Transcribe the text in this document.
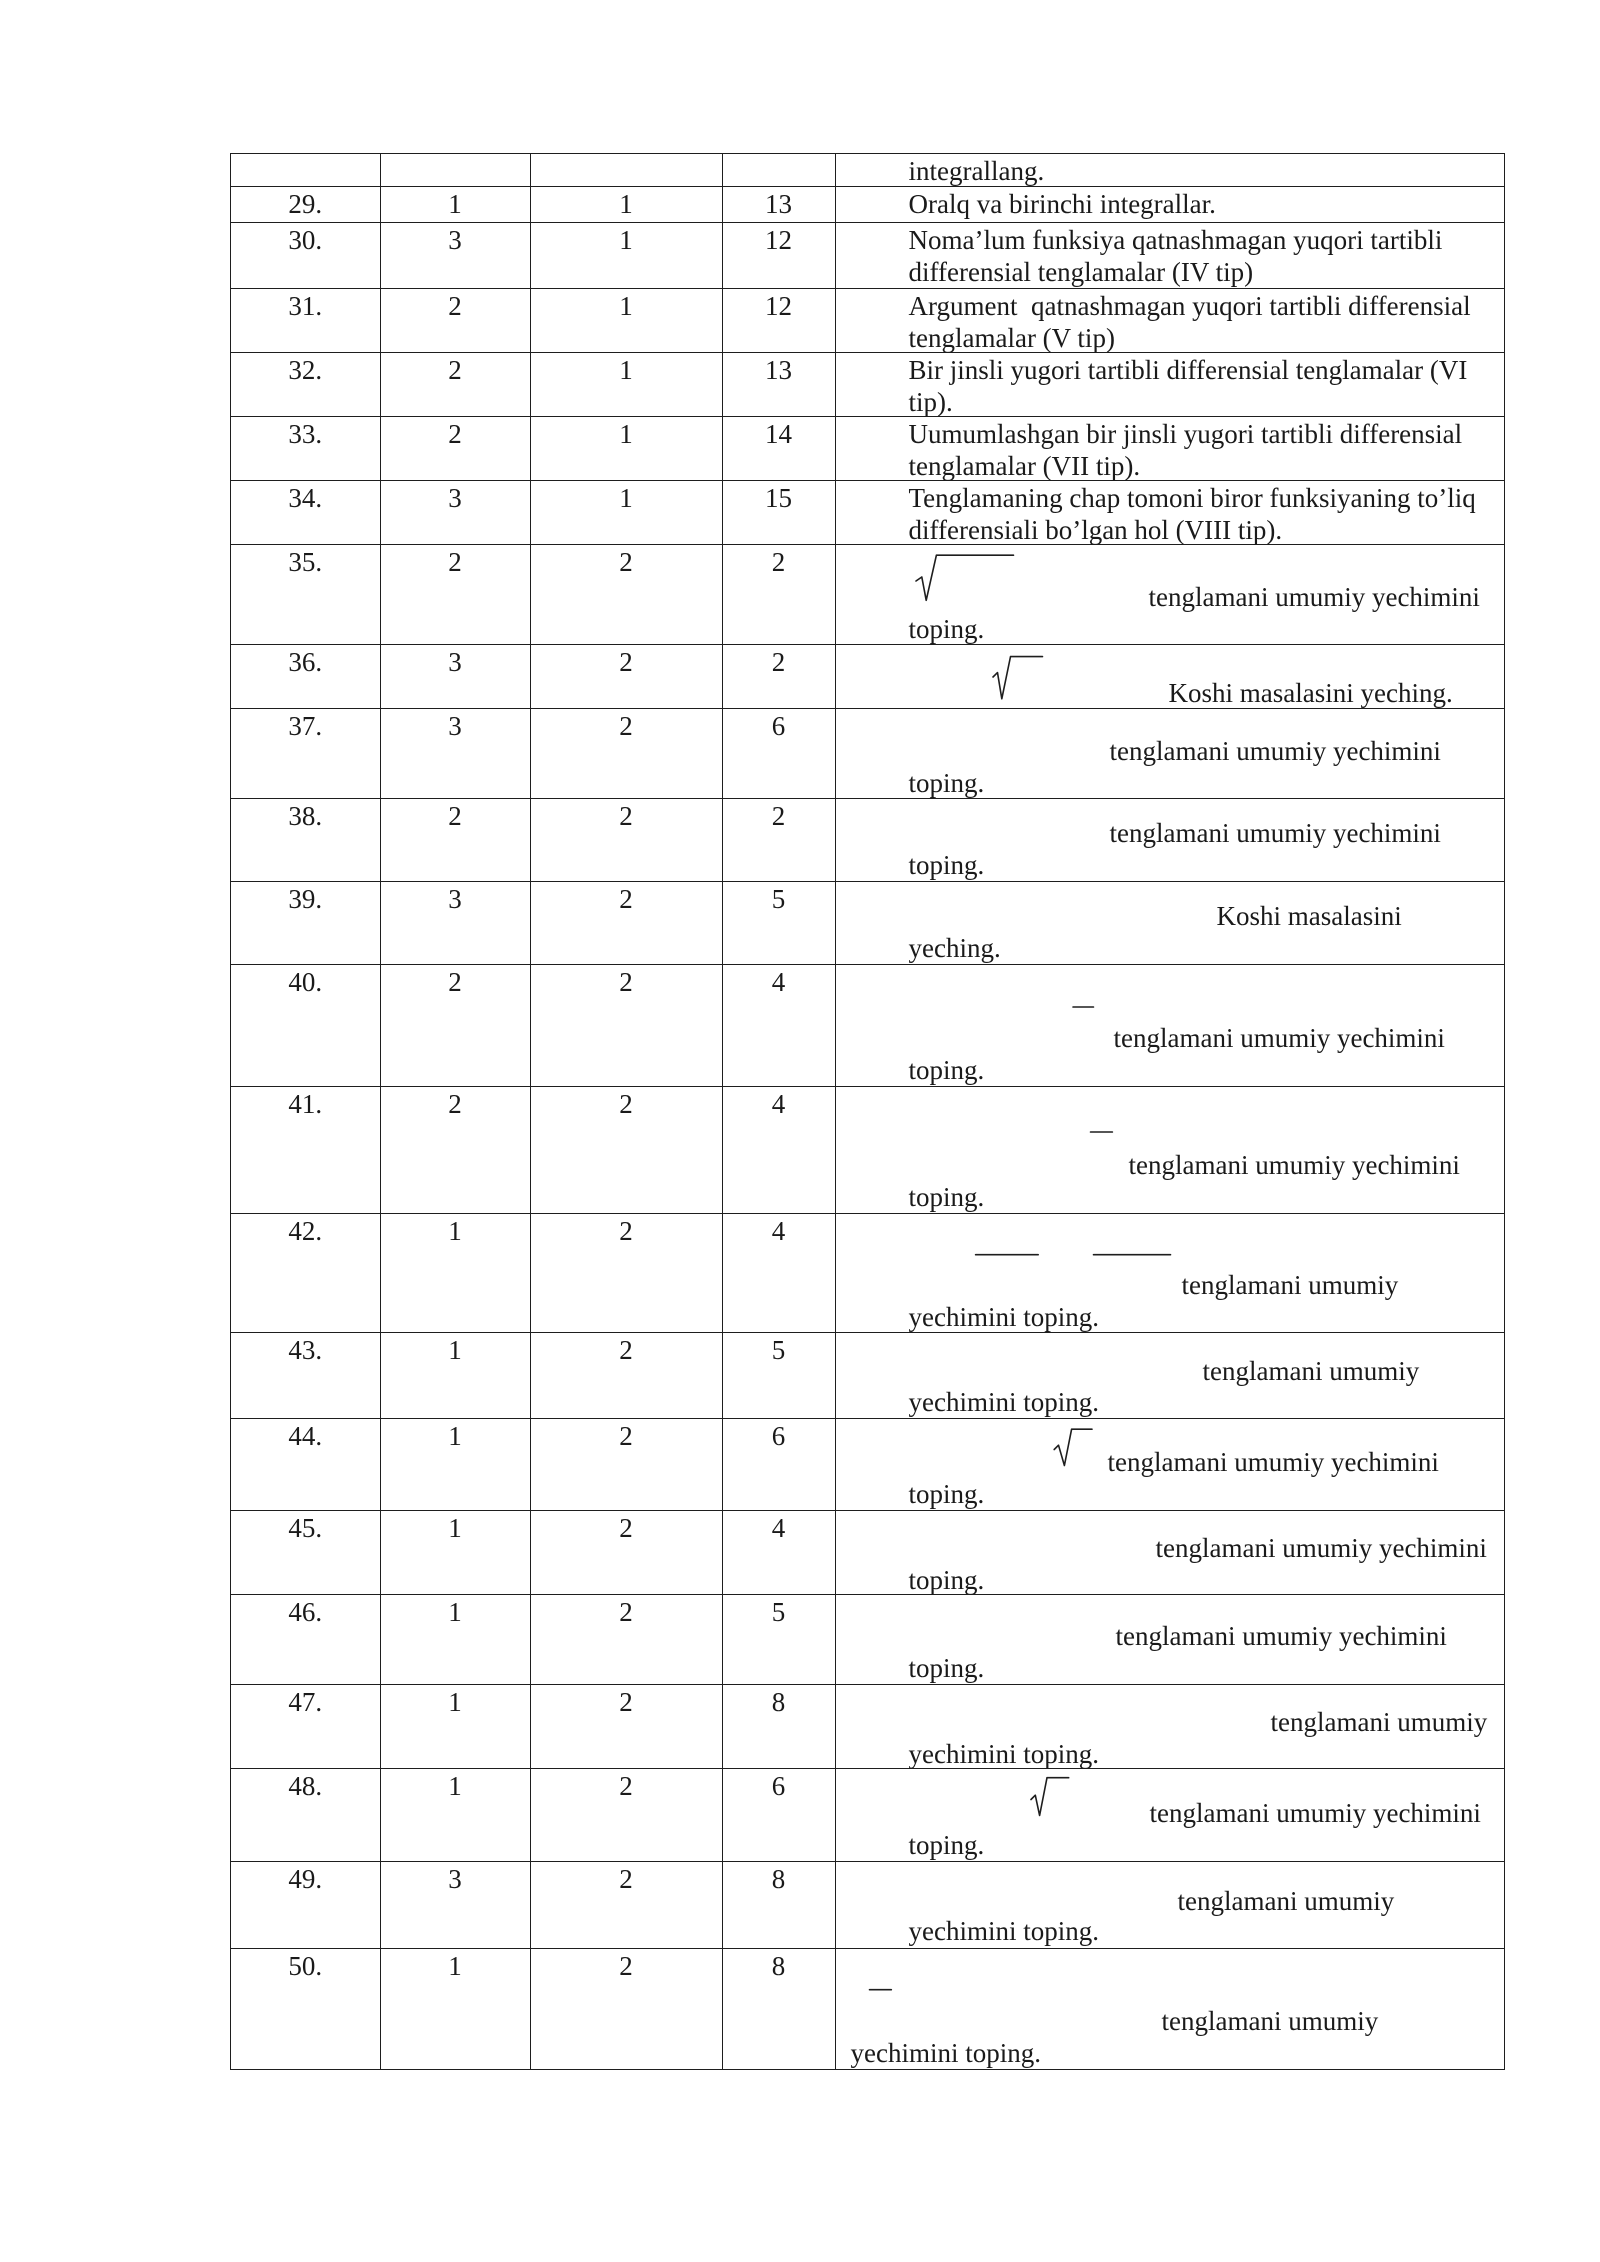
integrallang.
29.	1	1	13	Oralq va birinchi integrallar.
30.	3	1	12	Noma’lum funksiya qatnashmagan yuqori tartibli
differensial tenglamalar (IV tip)
31.	2	1	12	Argument  qatnashmagan yuqori tartibli differensial
tenglamalar (V tip)
32.	2	1	13	Bir jinsli yugori tartibli differensial tenglamalar (VI
tip).
33.	2	1	14	Uumumlashgan bir jinsli yugori tartibli differensial
tenglamalar (VII tip).
34.	3	1	15	Tenglamaning chap tomoni biror funksiyaning to’liq
differensiali bo’lgan hol (VIII tip).
35.	2	2	2
tenglamani umumiy yechimini
toping.
36.	3	2	2
Koshi masalasini yeching.
37.	3	2	6
tenglamani umumiy yechimini
toping.
38.	2	2	2
tenglamani umumiy yechimini
toping.
39.	3	2	5
Koshi masalasini
yeching.
40.	2	2	4
tenglamani umumiy yechimini
toping.
41.	2	2	4
tenglamani umumiy yechimini
toping.
42.	1	2	4
tenglamani umumiy
yechimini toping.
43.	1	2	5
tenglamani umumiy
yechimini toping.
44.	1	2	6
tenglamani umumiy yechimini
toping.
45.	1	2	4
tenglamani umumiy yechimini
toping.
46.	1	2	5
tenglamani umumiy yechimini
toping.
47.	1	2	8
tenglamani umumiy
yechimini toping.
48.	1	2	6
tenglamani umumiy yechimini
toping.
49.	3	2	8
tenglamani umumiy
yechimini toping.
50.	1	2	8
tenglamani umumiy
yechimini toping.
